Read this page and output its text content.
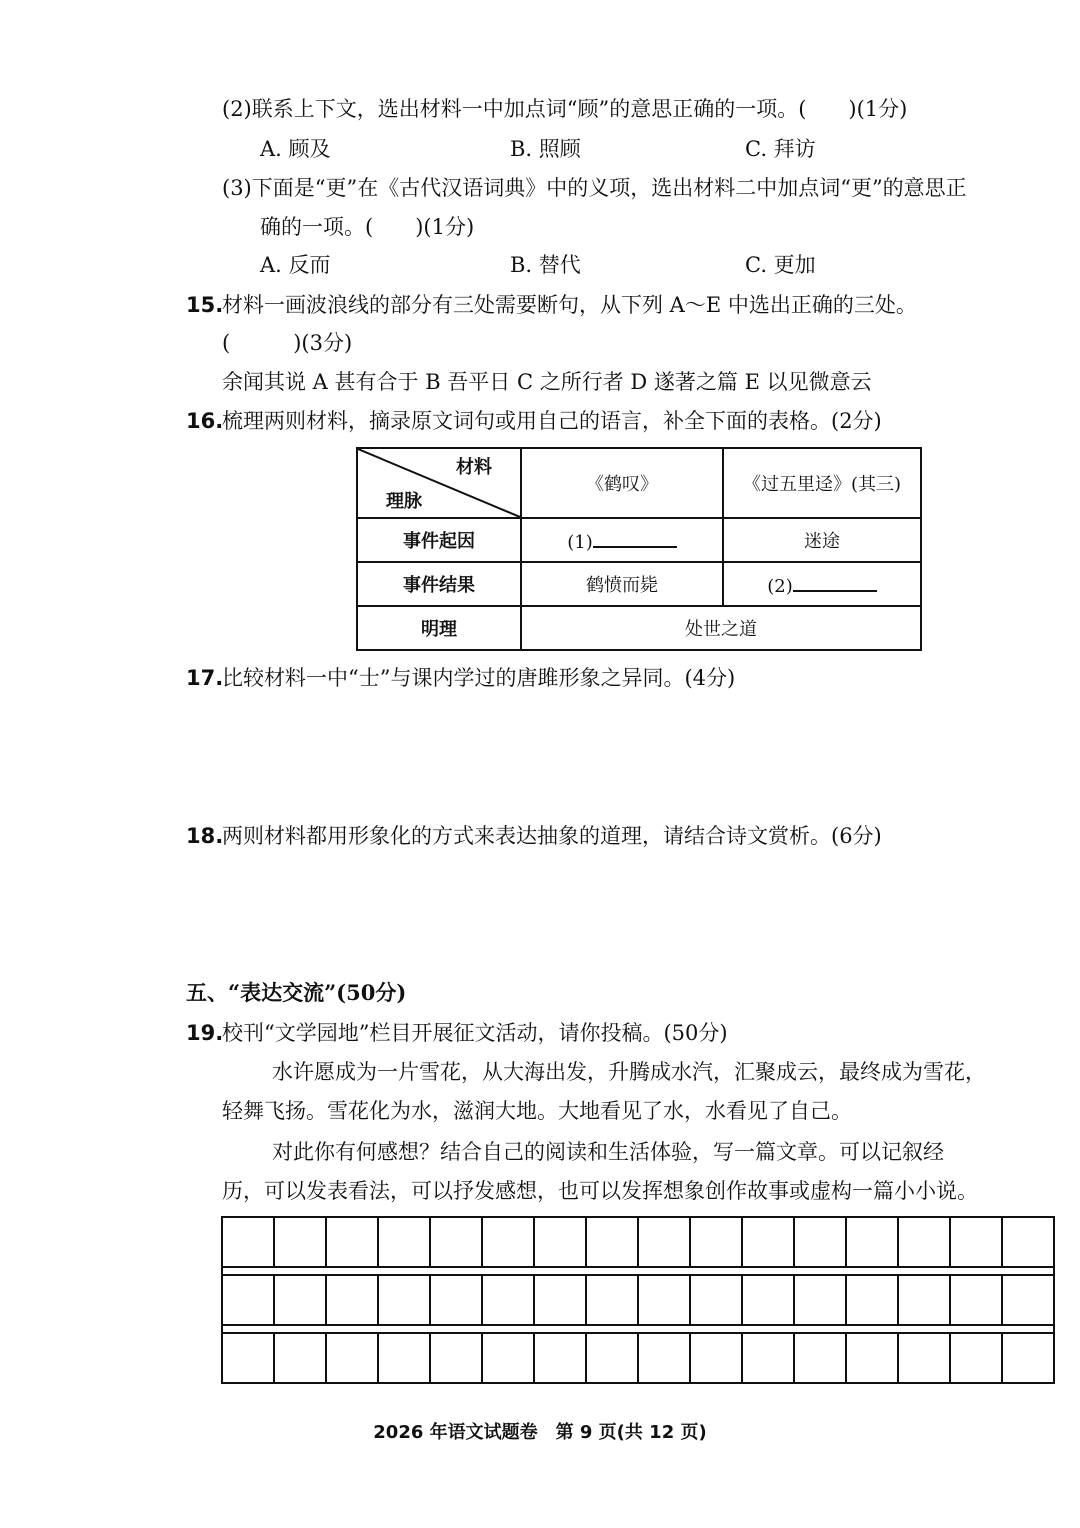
(2)联系上下文，选出材料一中加点词“顾”的意思正确的一项。(　　)(1分)
A. 顾及	B. 照顾	C. 拜访
(3)下面是“更”在《古代汉语词典》中的义项，选出材料二中加点词“更”的意思正
确的一项。(　　)(1分)
A. 反而	B. 替代	C. 更加
15.
材料一画波浪线的部分有三处需要断句，从下列 A～E 中选出正确的三处。
(　　　)(3分)
余闻其说 A 甚有合于 B 吾平日 C 之所行者 D 遂著之篇 E 以见微意云
16.
梳理两则材料，摘录原文词句或用自己的语言，补全下面的表格。(2分)
材料
理脉	《鹤叹》	《过五里迳》(其三)
事件起因	(1)	迷途
事件结果	鹤愤而毙	(2)
明理	处世之道	
17.
比较材料一中“士”与课内学过的唐雎形象之异同。(4分)
18.
两则材料都用形象化的方式来表达抽象的道理，请结合诗文赏析。(6分)
五、“表达交流”(50分)
19.
校刊“文学园地”栏目开展征文活动，请你投稿。(50分)
水许愿成为一片雪花，从大海出发，升腾成水汽，汇聚成云，最终成为雪花，
轻舞飞扬。雪花化为水，滋润大地。大地看见了水，水看见了自己。
对此你有何感想？结合自己的阅读和生活体验，写一篇文章。可以记叙经
历，可以发表看法，可以抒发感想，也可以发挥想象创作故事或虚构一篇小小说。
2026 年语文试题卷　第 9 页(共 12 页)
